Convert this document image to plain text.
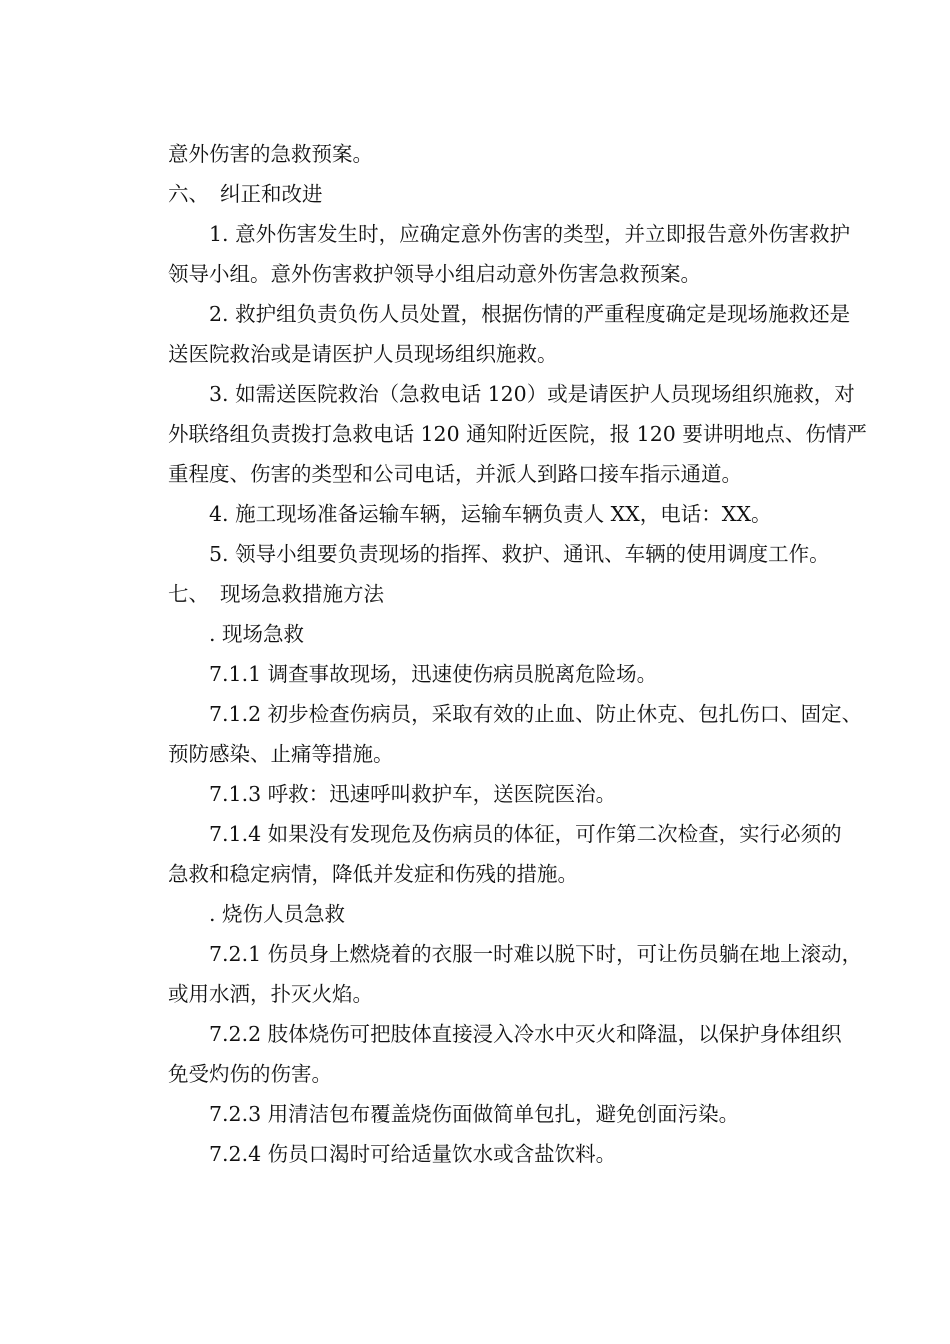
意外伤害的急救预案。
六、 纠正和改进
1. 意外伤害发生时，应确定意外伤害的类型，并立即报告意外伤害救护
领导小组。意外伤害救护领导小组启动意外伤害急救预案。
2. 救护组负责负伤人员处置，根据伤情的严重程度确定是现场施救还是
送医院救治或是请医护人员现场组织施救。
3. 如需送医院救治（急救电话 120）或是请医护人员现场组织施救，对
外联络组负责拨打急救电话 120 通知附近医院，报 120 要讲明地点、伤情严
重程度、伤害的类型和公司电话，并派人到路口接车指示通道。
4. 施工现场准备运输车辆，运输车辆负责人 XX，电话：XX。
5. 领导小组要负责现场的指挥、救护、通讯、车辆的使用调度工作。
七、 现场急救措施方法
. 现场急救
7.1.1 调查事故现场，迅速使伤病员脱离危险场。
7.1.2 初步检查伤病员，采取有效的止血、防止休克、包扎伤口、固定、
预防感染、止痛等措施。
7.1.3 呼救：迅速呼叫救护车，送医院医治。
7.1.4 如果没有发现危及伤病员的体征，可作第二次检查，实行必须的
急救和稳定病情，降低并发症和伤残的措施。
. 烧伤人员急救
7.2.1 伤员身上燃烧着的衣服一时难以脱下时，可让伤员躺在地上滚动，
或用水洒，扑灭火焰。
7.2.2 肢体烧伤可把肢体直接浸入冷水中灭火和降温，以保护身体组织
免受灼伤的伤害。
7.2.3 用清洁包布覆盖烧伤面做简单包扎，避免创面污染。
7.2.4 伤员口渴时可给适量饮水或含盐饮料。
